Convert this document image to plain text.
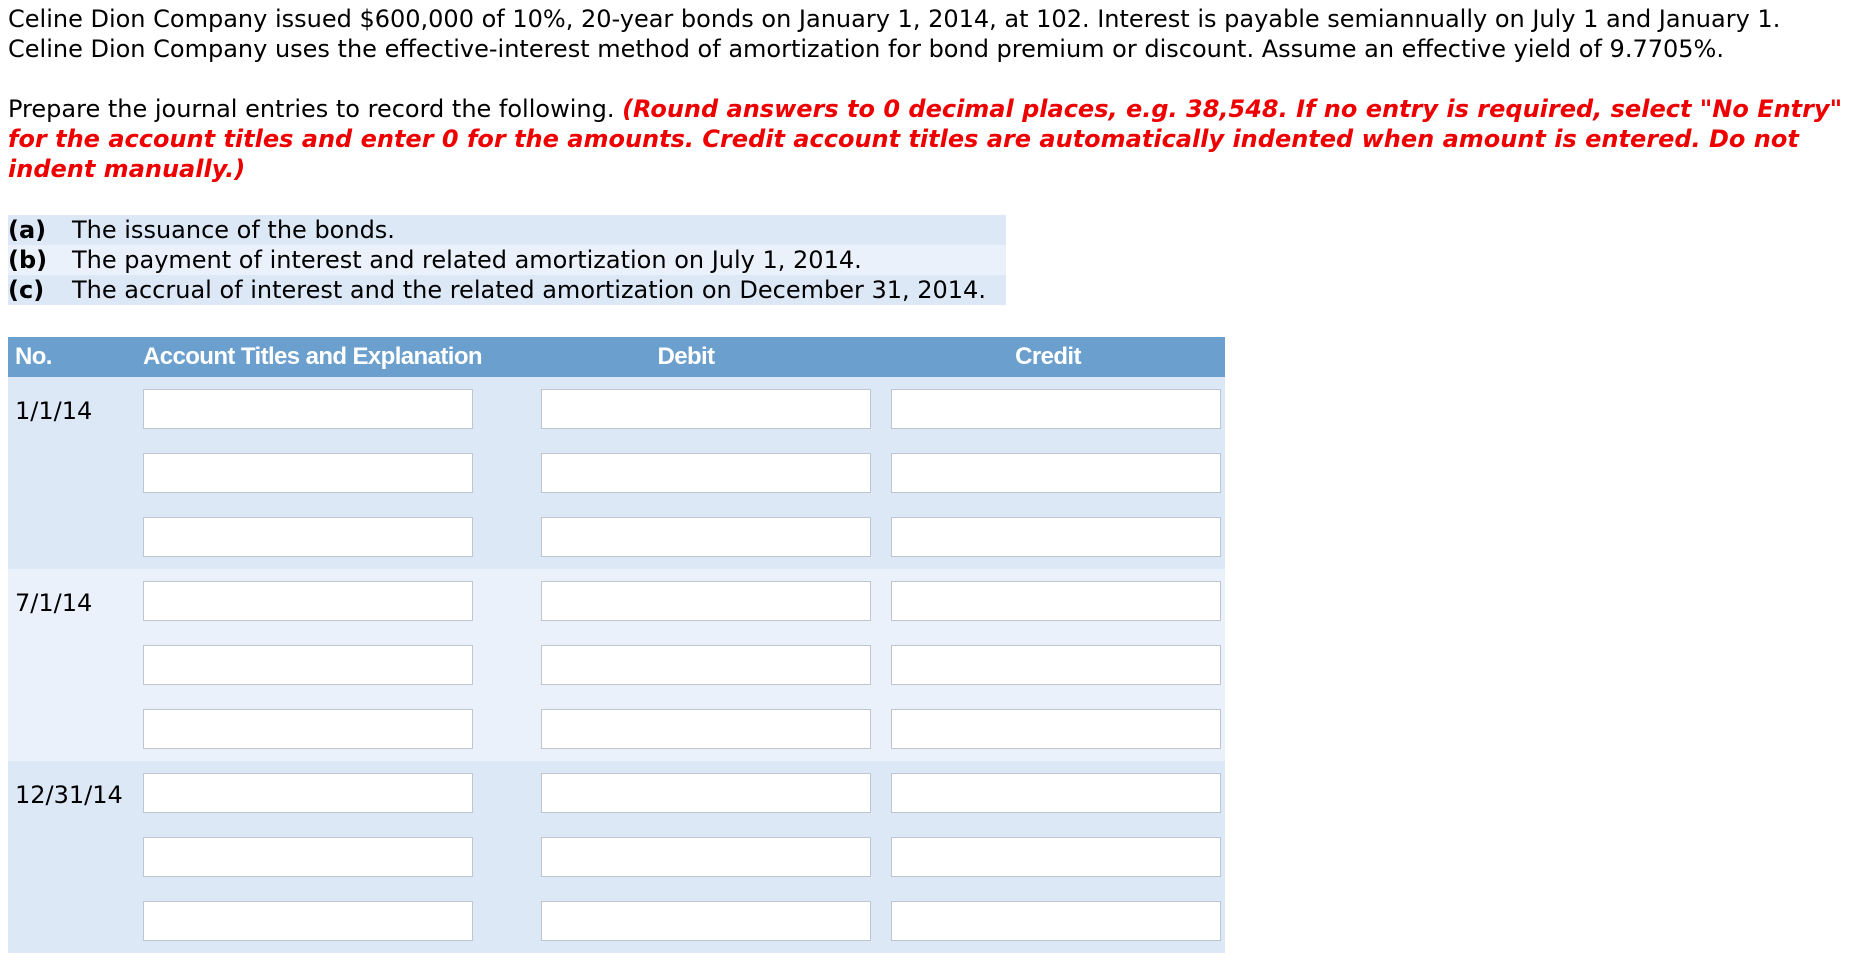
Celine Dion Company issued $600,000 of 10%, 20-year bonds on January 1, 2014, at 102. Interest is payable semiannually on July 1 and January 1.
Celine Dion Company uses the effective-interest method of amortization for bond premium or discount. Assume an effective yield of 9.7705%.

Prepare the journal entries to record the following. (Round answers to 0 decimal places, e.g. 38,548. If no entry is required, select "No Entry" for the account titles and enter 0 for the amounts. Credit account titles are automatically indented when amount is entered. Do not indent manually.)

(a)	The issuance of the bonds.
(b)	The payment of interest and related amortization on July 1, 2014.
(c)	The accrual of interest and the related amortization on December 31, 2014.
No.	Account Titles and Explanation	Debit	Credit
1/1/14	

7/1/14	

12/31/14	
